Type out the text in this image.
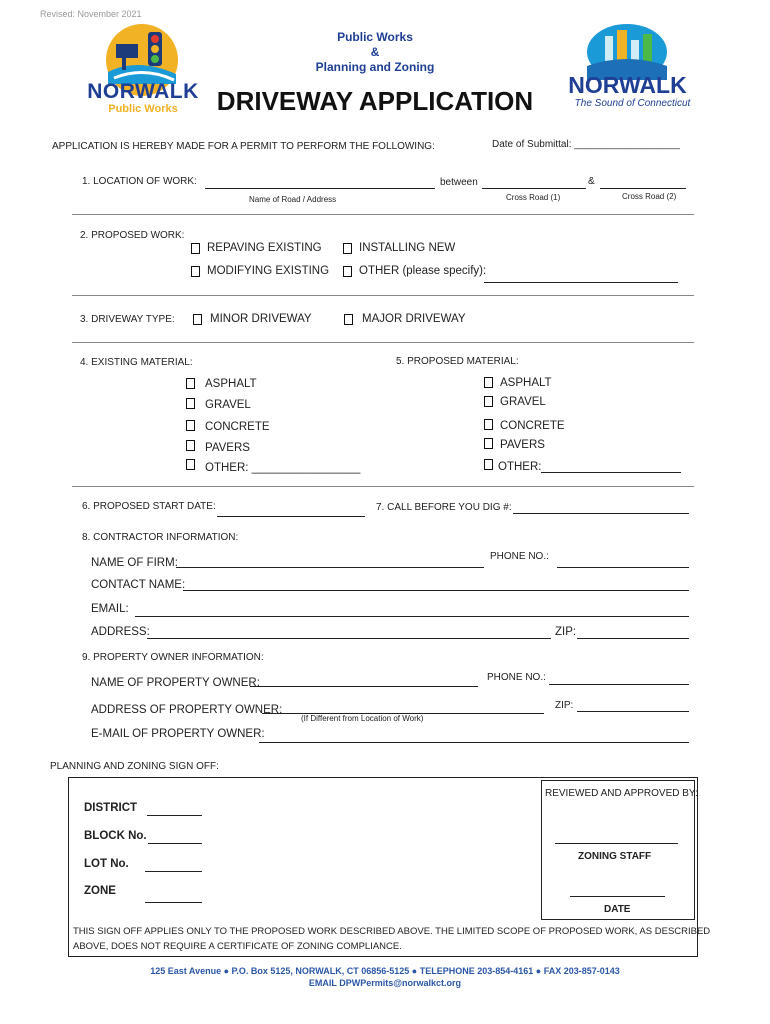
Revised: November 2021
NORWALK
Public Works
Public Works
&
Planning and Zoning
DRIVEWAY APPLICATION
NORWALK
The Sound of Connecticut
APPLICATION IS HEREBY MADE FOR A PERMIT TO PERFORM THE FOLLOWING:	Date of Submittal: ___________________
1. LOCATION OF WORK:	between	&
Name of Road / Address	Cross Road (1)	Cross Road (2)
2. PROPOSED WORK:
REPAVING EXISTING	INSTALLING NEW
MODIFYING EXISTING	OTHER (please specify):
3. DRIVEWAY TYPE:	MINOR DRIVEWAY	MAJOR DRIVEWAY
4. EXISTING MATERIAL:
ASPHALT
GRAVEL
CONCRETE
PAVERS
OTHER: _________________
5. PROPOSED MATERIAL:
ASPHALT
GRAVEL
CONCRETE
PAVERS
OTHER:
6. PROPOSED START DATE:	7. CALL BEFORE YOU DIG #:
8. CONTRACTOR INFORMATION:
NAME OF FIRM:
PHONE NO.:
CONTACT NAME:
EMAIL:
ADDRESS:	ZIP:
9. PROPERTY OWNER INFORMATION:
NAME OF PROPERTY OWNER:	PHONE NO.:
ADDRESS OF PROPERTY OWNER:	ZIP:
(If Different from Location of Work)
E-MAIL OF PROPERTY OWNER:
PLANNING AND ZONING SIGN OFF:
DISTRICT
BLOCK No.
LOT No.
ZONE
REVIEWED AND APPROVED BY:
ZONING STAFF
DATE
THIS SIGN OFF APPLIES ONLY TO THE PROPOSED WORK DESCRIBED ABOVE. THE LIMITED SCOPE OF PROPOSED WORK, AS DESCRIBED
ABOVE, DOES NOT REQUIRE A CERTIFICATE OF ZONING COMPLIANCE.
125 East Avenue ● P.O. Box 5125, NORWALK, CT 06856-5125 ● TELEPHONE 203-854-4161 ● FAX 203-857-0143
EMAIL DPWPermits@norwalkct.org
